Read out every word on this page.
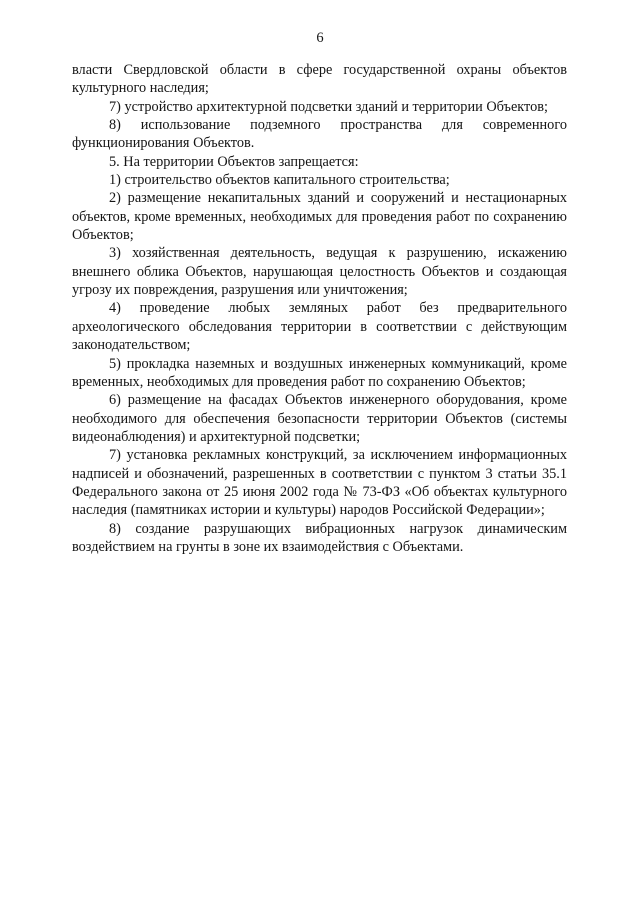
6

власти Свердловской области в сфере государственной охраны объектов культурного наследия;

7) устройство архитектурной подсветки зданий и территории Объектов;

8) использование подземного пространства для современного функционирования Объектов.

5. На территории Объектов запрещается:

1) строительство объектов капитального строительства;

2) размещение некапитальных зданий и сооружений и нестационарных объектов, кроме временных, необходимых для проведения работ по сохранению Объектов;

3) хозяйственная деятельность, ведущая к разрушению, искажению внешнего облика Объектов, нарушающая целостность Объектов и создающая угрозу их повреждения, разрушения или уничтожения;

4) проведение любых земляных работ без предварительного археологического обследования территории в соответствии с действующим законодательством;

5) прокладка наземных и воздушных инженерных коммуникаций, кроме временных, необходимых для проведения работ по сохранению Объектов;

6) размещение на фасадах Объектов инженерного оборудования, кроме необходимого для обеспечения безопасности территории Объектов (системы видеонаблюдения) и архитектурной подсветки;

7) установка рекламных конструкций, за исключением информационных надписей и обозначений, разрешенных в соответствии с пунктом 3 статьи 35.1 Федерального закона от 25 июня 2002 года № 73-ФЗ «Об объектах культурного наследия (памятниках истории и культуры) народов Российской Федерации»;

8) создание разрушающих вибрационных нагрузок динамическим воздействием на грунты в зоне их взаимодействия с Объектами.
